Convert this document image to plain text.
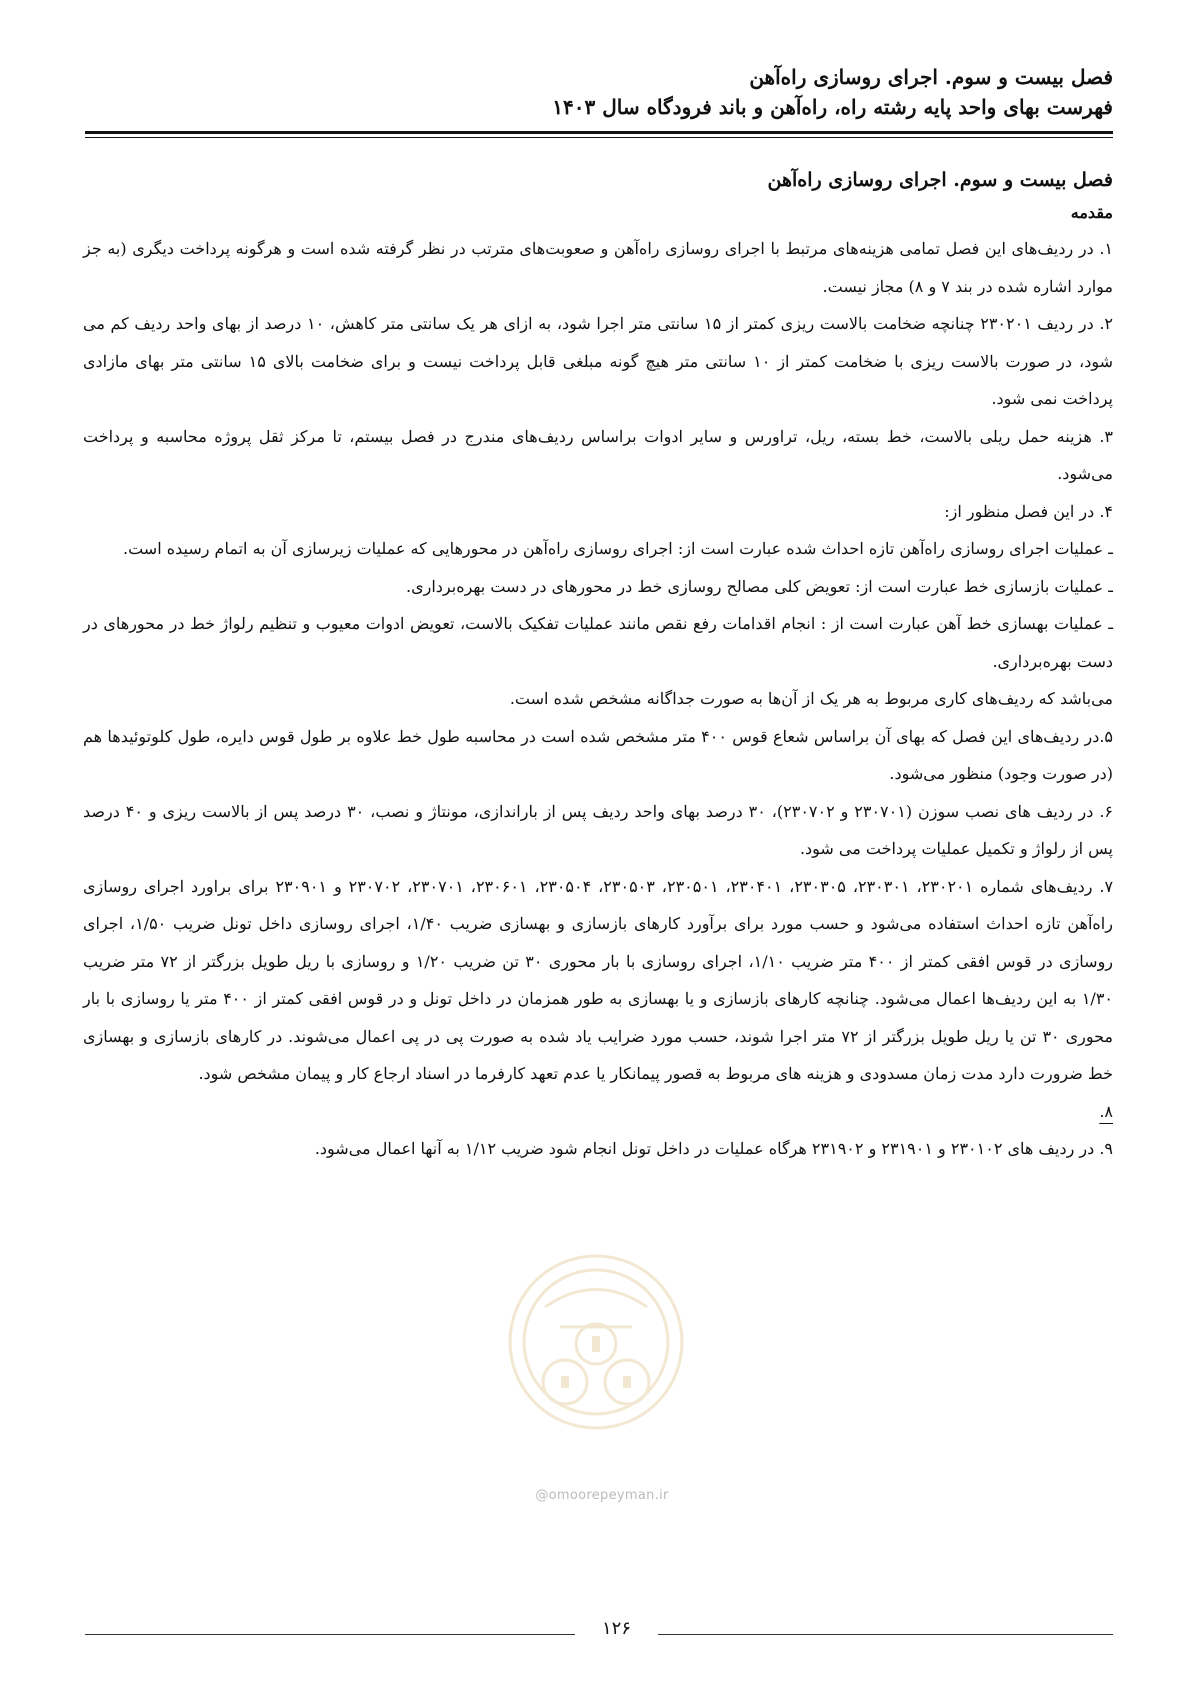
فصل بیست و سوم. اجرای روسازی راه‌آهن
فهرست بهای واحد پایه رشته راه، راه‌آهن و باند فرودگاه سال ۱۴۰۳
فصل بیست و سوم. اجرای روسازی راه‌آهن
مقدمه

۱. در ردیف‌های این فصل تمامی هزینه‌های مرتبط با اجرای روسازی راه‌آهن و صعوبت‌های مترتب در نظر گرفته شده است و هرگونه پرداخت دیگری (به جز موارد اشاره شده در بند ۷ و ۸) مجاز نیست.

۲. در ردیف ۲۳۰۲۰۱ چنانچه ضخامت بالاست ریزی کمتر از ۱۵ سانتی متر اجرا شود، به ازای هر یک سانتی متر کاهش، ۱۰ درصد از بهای واحد ردیف کم می شود، در صورت بالاست ریزی با ضخامت کمتر از ۱۰ سانتی متر هیچ گونه مبلغی قابل پرداخت نیست و برای ضخامت بالای ۱۵ سانتی متر بهای مازادی پرداخت نمی شود.

۳. هزینه حمل ریلی بالاست، خط بسته، ریل، تراورس و سایر ادوات براساس ردیف‌های مندرج در فصل بیستم، تا مرکز ثقل پروژه محاسبه و پرداخت می‌شود.

۴. در این فصل منظور از:

ـ عملیات اجرای روسازی راه‌آهن تازه احداث شده عبارت است از: اجرای روسازی راه‌آهن در محورهایی که عملیات زیرسازی آن به اتمام رسیده است.

ـ عملیات بازسازی خط عبارت است از: تعویض کلی مصالح روسازی خط در محورهای در دست بهره‌برداری.

ـ عملیات بهسازی خط آهن عبارت است از : انجام اقدامات رفع نقص مانند عملیات تفکیک بالاست، تعویض ادوات معیوب و تنظیم رلواژ خط در محورهای در دست بهره‌برداری.

می‌باشد که ردیف‌های کاری مربوط به هر یک از آن‌ها به صورت جداگانه مشخص شده است.

۵.در ردیف‌های این فصل که بهای آن براساس شعاع قوس ۴۰۰ متر مشخص شده است در محاسبه طول خط علاوه بر طول قوس دایره، طول کلوتوئیدها هم (در صورت وجود) منظور می‌شود.

۶. در ردیف های نصب سوزن (۲۳۰۷۰۱ و ۲۳۰۷۰۲)، ۳۰ درصد بهای واحد ردیف پس از باراندازی، مونتاژ و نصب، ۳۰ درصد پس از بالاست ریزی و ۴۰ درصد پس از رلواژ و تکمیل عملیات پرداخت می شود.

۷. ردیف‌های شماره ۲۳۰۲۰۱، ۲۳۰۳۰۱، ۲۳۰۳۰۵، ۲۳۰۴۰۱، ۲۳۰۵۰۱، ۲۳۰۵۰۳، ۲۳۰۵۰۴، ۲۳۰۶۰۱، ۲۳۰۷۰۱، ۲۳۰۷۰۲ و ۲۳۰۹۰۱ برای براورد اجرای روسازی راه‌آهن تازه احداث استفاده می‌شود و حسب مورد برای برآورد کارهای بازسازی و بهسازی ضریب ۱/۴۰، اجرای روسازی داخل تونل ضریب ۱/۵۰، اجرای روسازی در قوس افقی کمتر از ۴۰۰ متر ضریب ۱/۱۰، اجرای روسازی با بار محوری ۳۰ تن ضریب ۱/۲۰ و روسازی با ریل طویل بزرگتر از ۷۲ متر ضریب ۱/۳۰ به این ردیف‌ها اعمال می‌شود. چنانچه کارهای بازسازی و یا بهسازی به طور همزمان در داخل تونل و در قوس افقی کمتر از ۴۰۰ متر یا روسازی با بار محوری ۳۰ تن یا ریل طویل بزرگتر از ۷۲ متر اجرا شوند، حسب مورد ضرایب یاد شده به صورت پی در پی اعمال می‌شوند. در کارهای بازسازی و بهسازی خط ضرورت دارد مدت زمان مسدودی و هزینه های مربوط به قصور پیمانکار یا عدم تعهد کارفرما در اسناد ارجاع کار و پیمان مشخص شود.

۸.

۹. در ردیف های ۲۳۰۱۰۲ و ۲۳۱۹۰۱ و ۲۳۱۹۰۲ هرگاه عملیات در داخل تونل انجام شود ضریب ۱/۱۲ به آنها اعمال می‌شود.

@omoorepeyman.ir
۱۲۶
